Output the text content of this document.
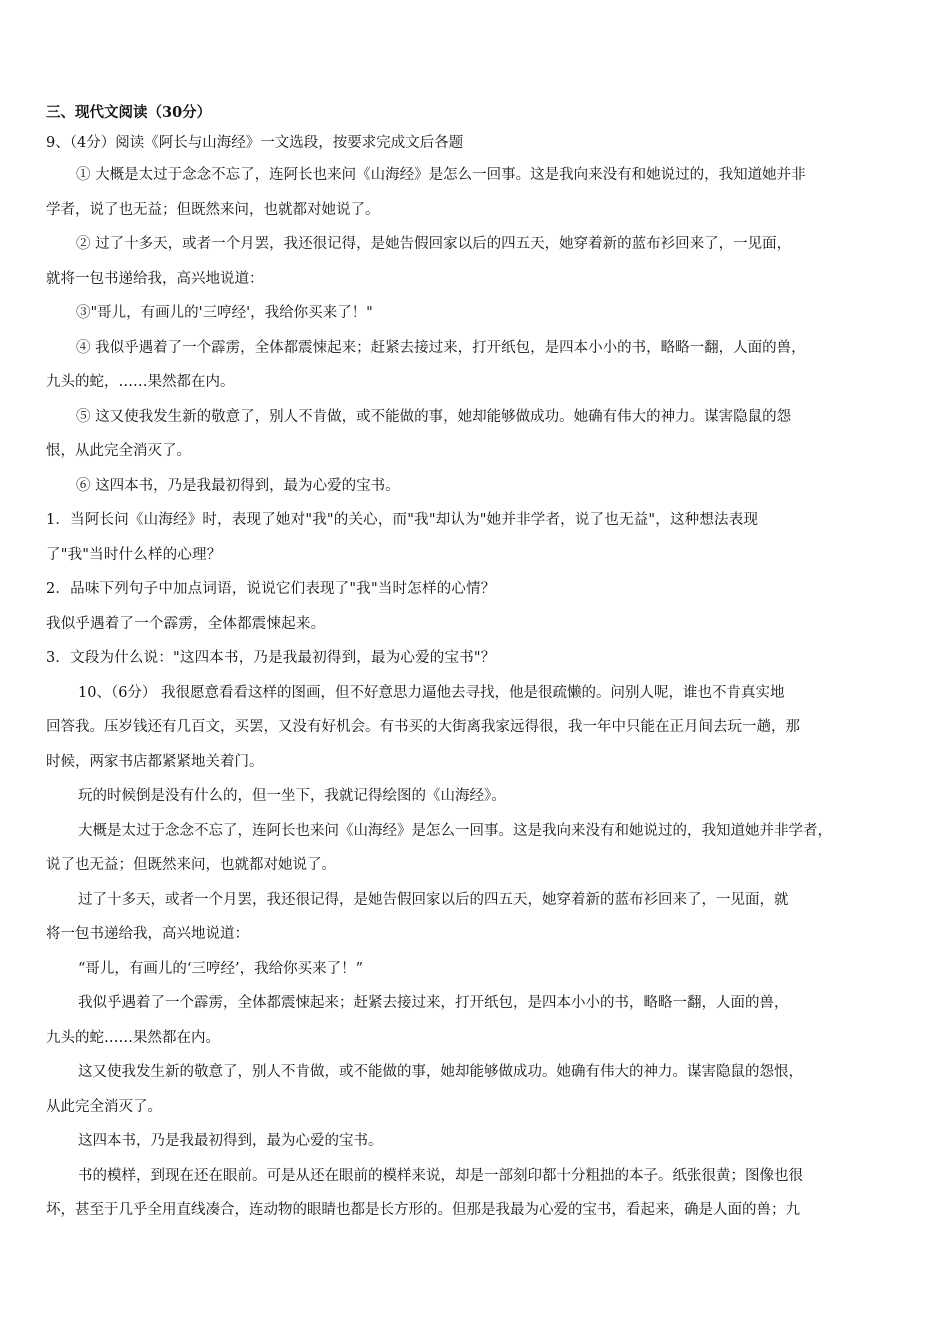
三、现代文阅读（30分）
9、（4分）阅读《阿长与山海经》一文选段，按要求完成文后各题
① 大概是太过于念念不忘了，连阿长也来问《山海经》是怎么一回事。这是我向来没有和她说过的，我知道她并非
学者，说了也无益；但既然来问，也就都对她说了。
② 过了十多天，或者一个月罢，我还很记得，是她告假回家以后的四五天，她穿着新的蓝布衫回来了，一见面，
就将一包书递给我，高兴地说道：
③"哥儿，有画儿的'三哼经'，我给你买来了！"
④ 我似乎遇着了一个霹雳，全体都震悚起来；赶紧去接过来，打开纸包，是四本小小的书，略略一翻，人面的兽，
九头的蛇，……果然都在内。
⑤ 这又使我发生新的敬意了，别人不肯做，或不能做的事，她却能够做成功。她确有伟大的神力。谋害隐鼠的怨
恨，从此完全消灭了。
⑥ 这四本书，乃是我最初得到，最为心爱的宝书。
1．当阿长问《山海经》时，表现了她对"我"的关心，而"我"却认为"她并非学者，说了也无益"，这种想法表现
了"我"当时什么样的心理？
2．品味下列句子中加点词语，说说它们表现了"我"当时怎样的心情？
我似乎遇着了一个霹雳，全体都震悚起来。
3．文段为什么说："这四本书，乃是我最初得到，最为心爱的宝书"？
10、（6分） 我很愿意看看这样的图画，但不好意思力逼他去寻找，他是很疏懒的。问别人呢，谁也不肯真实地
回答我。压岁钱还有几百文，买罢，又没有好机会。有书买的大街离我家远得很，我一年中只能在正月间去玩一趟，那
时候，两家书店都紧紧地关着门。
玩的时候倒是没有什么的，但一坐下，我就记得绘图的《山海经》。
大概是太过于念念不忘了，连阿长也来问《山海经》是怎么一回事。这是我向来没有和她说过的，我知道她并非学者，
说了也无益；但既然来问，也就都对她说了。
过了十多天，或者一个月罢，我还很记得，是她告假回家以后的四五天，她穿着新的蓝布衫回来了，一见面，就
将一包书递给我，高兴地说道：
“哥儿，有画儿的‘三哼经’，我给你买来了！”
我似乎遇着了一个霹雳，全体都震悚起来；赶紧去接过来，打开纸包，是四本小小的书，略略一翻，人面的兽，
九头的蛇……果然都在内。
这又使我发生新的敬意了，别人不肯做，或不能做的事，她却能够做成功。她确有伟大的神力。谋害隐鼠的怨恨，
从此完全消灭了。
这四本书，乃是我最初得到，最为心爱的宝书。
书的模样，到现在还在眼前。可是从还在眼前的模样来说，却是一部刻印都十分粗拙的本子。纸张很黄；图像也很
坏，甚至于几乎全用直线凑合，连动物的眼睛也都是长方形的。但那是我最为心爱的宝书，看起来，确是人面的兽；九
